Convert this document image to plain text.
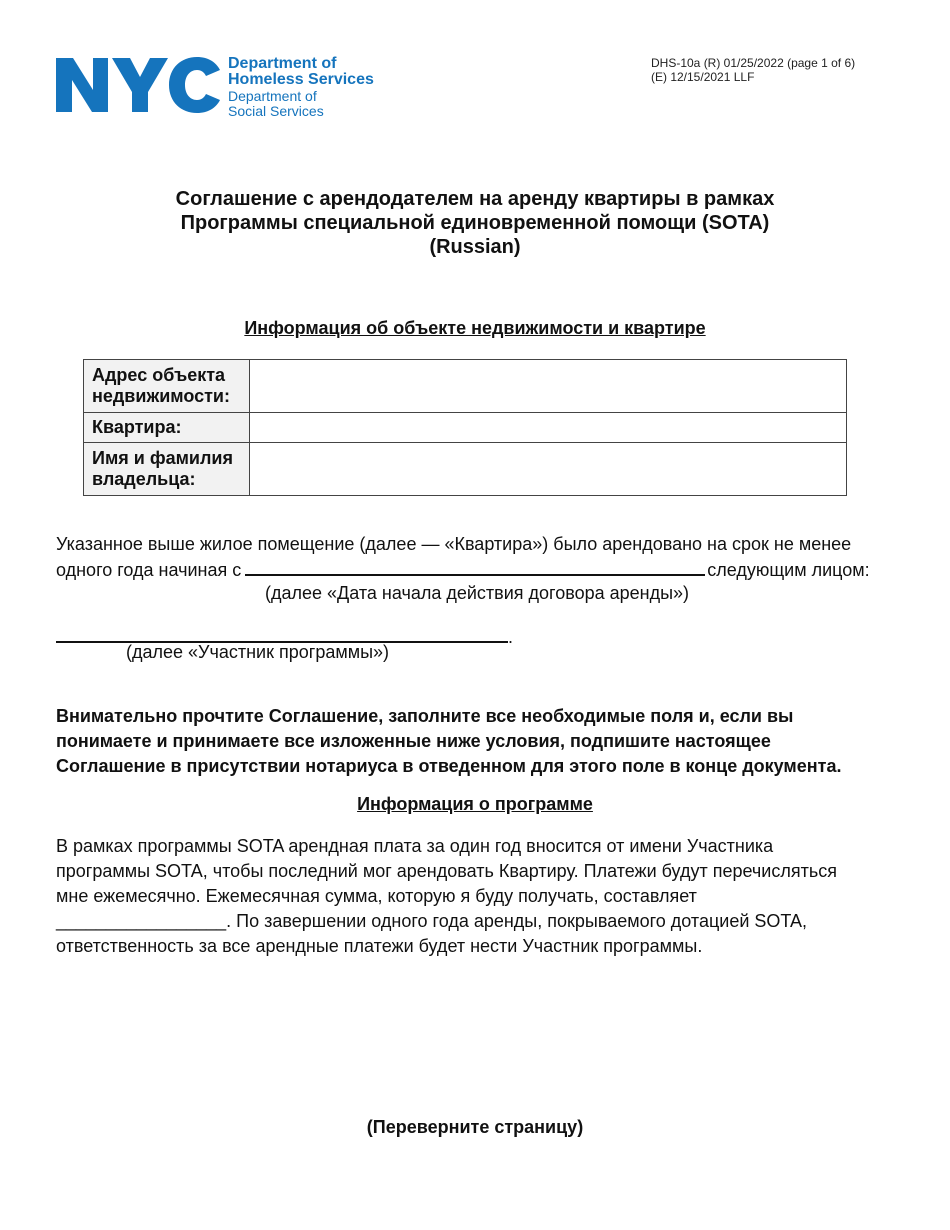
Department of
Homeless Services
Department of
Social Services
DHS-10a (R) 01/25/2022 (page 1 of 6)
(E) 12/15/2021 LLF
Соглашение с арендодателем на аренду квартиры в рамках
Программы специальной единовременной помощи (SOTA)
(Russian)
Информация об объекте недвижимости и квартире
Адрес объекта недвижимости:	
Квартира:	
Имя и фамилия владельца:	
Указанное выше жилое помещение (далее — «Квартира») было арендовано на срок не менее
одного года начиная с	следующим лицом:
(далее «Дата начала действия договора аренды»)
.
(далее «Участник программы»)
Внимательно прочтите Соглашение, заполните все необходимые поля и, если вы
понимаете и принимаете все изложенные ниже условия, подпишите настоящее
Соглашение в присутствии нотариуса в отведенном для этого поле в конце документа.
Информация о программе
В рамках программы SOTA арендная плата за один год вносится от имени Участника
программы SOTA, чтобы последний мог арендовать Квартиру. Платежи будут перечисляться
мне ежемесячно. Ежемесячная сумма, которую я буду получать, составляет
_________________. По завершении одного года аренды, покрываемого дотацией SOTA,
ответственность за все арендные платежи будет нести Участник программы.
(Переверните страницу)
